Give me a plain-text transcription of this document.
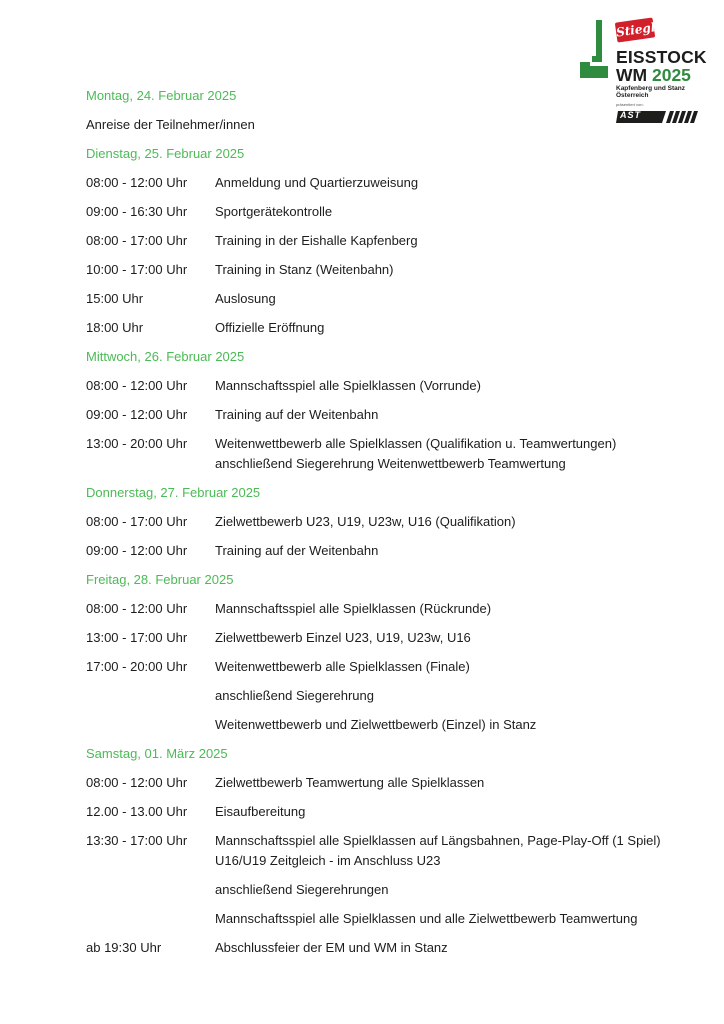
Stiegl
EISSTOCK
WM 2025
Kapfenberg und Stanz
Österreich
präsentiert von:
AST
Montag, 24. Februar 2025
Anreise der Teilnehmer/innen
Dienstag, 25. Februar 2025
08:00 - 12:00 Uhr	Anmeldung und Quartierzuweisung
09:00 - 16:30 Uhr	Sportgerätekontrolle
08:00 - 17:00 Uhr	Training in der Eishalle Kapfenberg
10:00 - 17:00 Uhr	Training in Stanz (Weitenbahn)
15:00 Uhr	Auslosung
18:00 Uhr	Offizielle Eröffnung
Mittwoch, 26. Februar 2025
08:00 - 12:00 Uhr	Mannschaftsspiel alle Spielklassen (Vorrunde)
09:00 - 12:00 Uhr	Training auf der Weitenbahn
13:00 - 20:00 Uhr	Weitenwettbewerb alle Spielklassen (Qualifikation u. Teamwertungen) anschließend Siegerehrung Weitenwettbewerb Teamwertung
Donnerstag, 27. Februar 2025
08:00 - 17:00 Uhr	Zielwettbewerb U23, U19, U23w, U16 (Qualifikation)
09:00 - 12:00 Uhr	Training auf der Weitenbahn
Freitag, 28. Februar 2025
08:00 - 12:00 Uhr	Mannschaftsspiel alle Spielklassen (Rückrunde)
13:00 - 17:00 Uhr	Zielwettbewerb Einzel U23, U19, U23w, U16
17:00 - 20:00 Uhr	Weitenwettbewerb alle Spielklassen (Finale)
anschließend Siegerehrung
Weitenwettbewerb und Zielwettbewerb (Einzel) in Stanz
Samstag, 01. März 2025
08:00 - 12:00 Uhr	Zielwettbewerb Teamwertung alle Spielklassen
12.00 - 13.00 Uhr	Eisaufbereitung
13:30 - 17:00 Uhr	Mannschaftsspiel alle Spielklassen auf Längsbahnen, Page-Play-Off (1 Spiel) U16/U19 Zeitgleich - im Anschluss U23
anschließend Siegerehrungen
Mannschaftsspiel alle Spielklassen und alle Zielwettbewerb Teamwertung
ab 19:30 Uhr	Abschlussfeier der EM und WM in Stanz
